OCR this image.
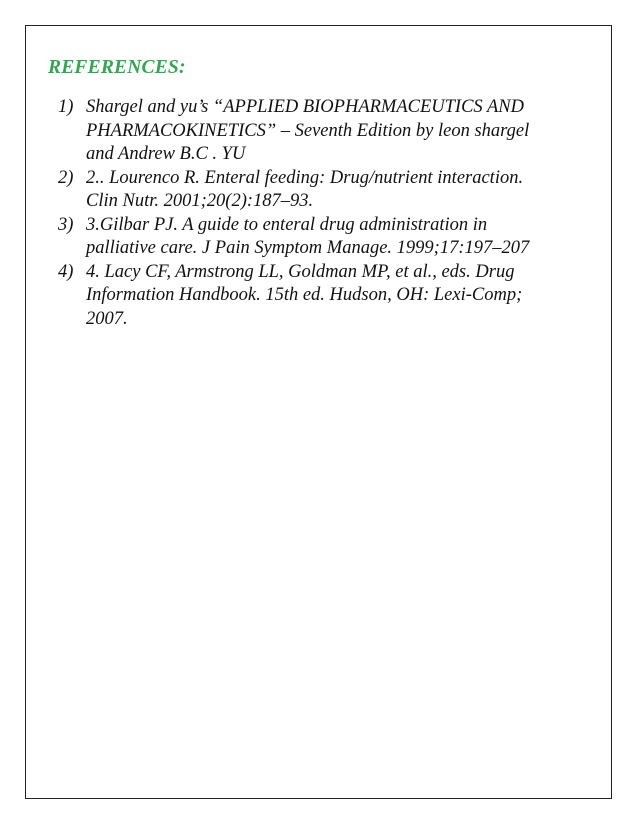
REFERENCES:
1) Shargel and yu’s “APPLIED BIOPHARMACEUTICS AND
PHARMACOKINETICS” – Seventh Edition by leon shargel
and Andrew B.C . YU
2) 2.. Lourenco R. Enteral feeding: Drug/nutrient interaction.
Clin Nutr. 2001;20(2):187–93.
3) 3.Gilbar PJ. A guide to enteral drug administration in
palliative care. J Pain Symptom Manage. 1999;17:197–207
4) 4. Lacy CF, Armstrong LL, Goldman MP, et al., eds. Drug
Information Handbook. 15th ed. Hudson, OH: Lexi-Comp;
2007.
